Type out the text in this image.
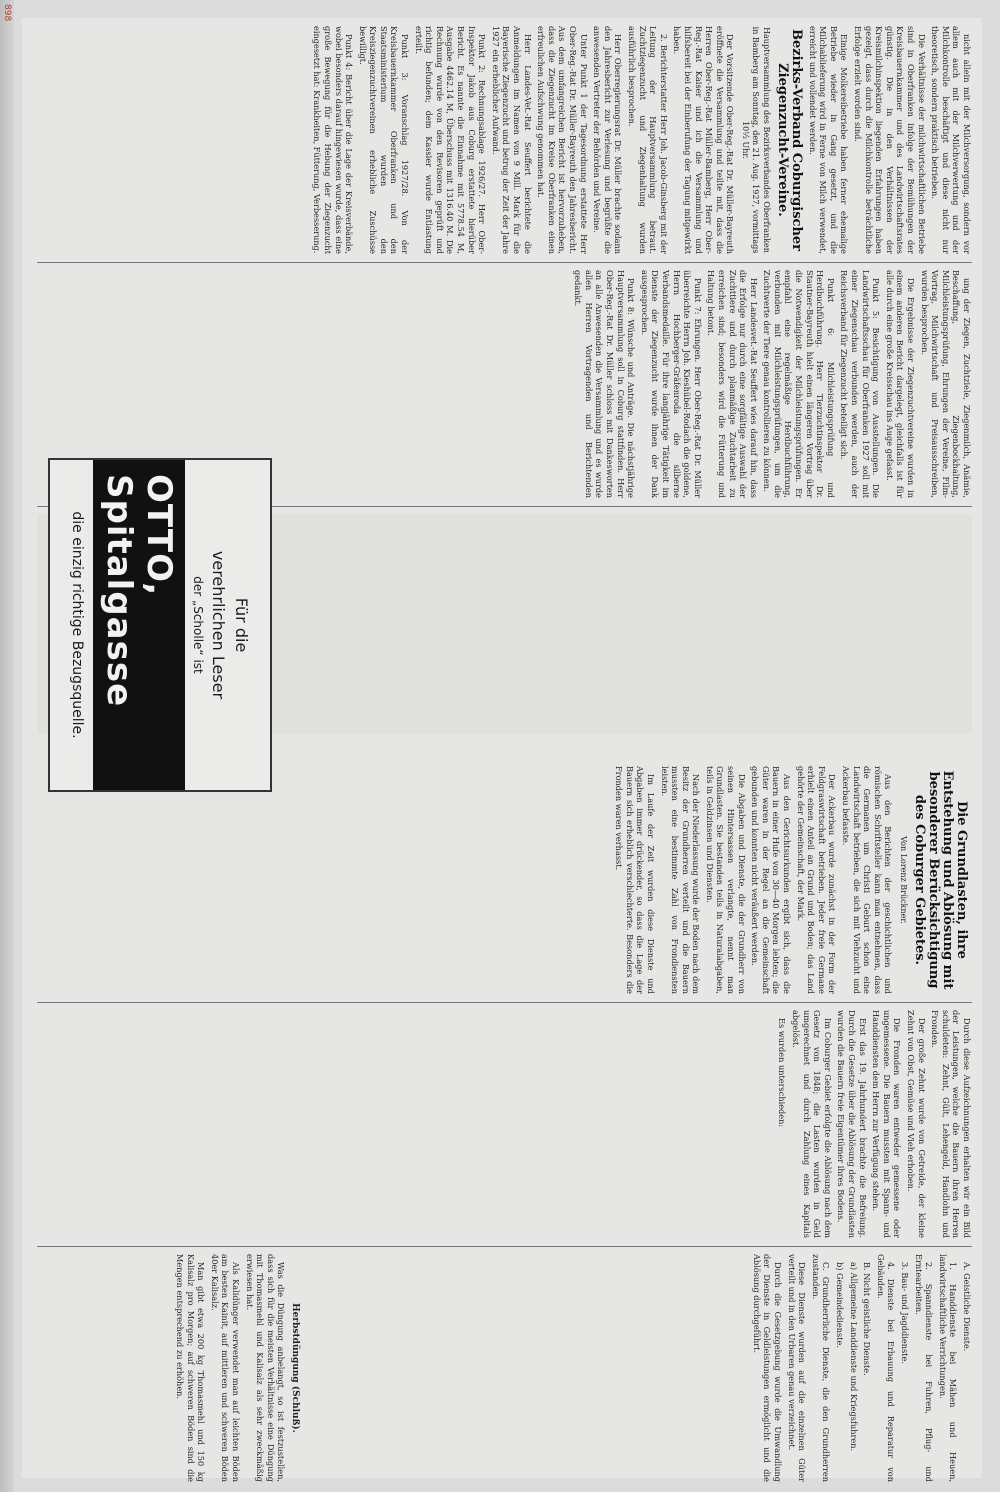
898

nicht allein mit der Milchversorgung, sondern vor allem auch mit der Milchverwertung und der Milchkontrolle beschäftigt und diese nicht nur theoretisch, sondern praktisch betrieben.

Die Verhältnisse der milchwirtschaftlichen Betriebe sind in Oberfranken infolge der Bemühungen der Kreisbauernkammer und des Landwirtschaftsrates günstig. Die in den Verhältnissen der Kreismilchinspektion liegenden Erfahrungen haben gezeigt, dass durch die Milchkontrolle beträchtliche Erfolge erzielt worden sind.

Einige Molkereibetriebe haben ferner ehemalige Betriebe wieder in Gang gesetzt, und die Milchablieferung wird in Ferne von Milch verwendet, erreicht und vollendet werden.

Bezirks-Verband Coburgischer Ziegenzucht-Vereine.
Hauptversammlung des Bezirksverbandes Oberfranken in Bamberg am Sonntag, den 21. Aug. 1927, vormittags 10½ Uhr.

Der Vorsitzende Ober-Reg.-Rat Dr. Müller-Bayreuth eröffnete die Versammlung und teilte mit, dass die Herren Ober-Reg.-Rat Müller-Bamberg, Herr Ober-Reg.-Rat Kaiser und ich die Versammlung und hilfsbereit bei der Einberufung der Tagung mitgewirkt haben.

2. Berichterstatter Herr Joh. Jacob-Ginsberg mit der Leitung der Hauptversammlung betraut. Zuchtziegenzucht und Ziegenhaltung wurden ausführlich besprochen.

Herr Oberregierungsrat Dr. Müller brachte sodann den Jahresbericht zur Verlesung und begrüßte die anwesenden Vertreter der Behörden und Vereine.

Unter Punkt 1 der Tagesordnung erstattete Herr Ober-Reg.-Rat Dr. Müller-Bayreuth den Jahresbericht. Aus dem umfangreichen Bericht ist hervorzuheben, dass die Ziegenzucht im Kreise Oberfranken einen erfreulichen Aufschwung genommen hat.

Herr Landes-Vet.-Rat Seuffert berichtete die Anmeldungen im Namen von 9 Mill. Mark für die Bayerische Ziegenzucht und betrug der Zeit der Jahre 1927 ein erheblicher Aufwand.

Punkt 2: Rechnungsablage 1926/27. Herr Ober-Inspektor Jakob aus Coburg erstattete hierüber Bericht. Es nannte die Einnahme mit 5778.54 M, Ausgabe 4462.14 M, Überschuss mit 1316.40 M. Die Rechnung wurde von den Revisoren geprüft und richtig befunden; dem Kassier wurde Entlastung erteilt.

Punkt 3: Voranschlag 1927/28. Von der Kreisbauernkammer Oberfranken und den Staatsministerium wurden den Kreisziegenzuchtvereinen erhebliche Zuschüsse bewilligt.

Punkt 4: Bericht über die Lage der Kreisverbände, wobei besonders darauf hingewiesen wurde, dass eine große Bewegung für die Hebung der Ziegenzucht eingesetzt hat: Krankheiten, Fütterung, Verbesserung.

ung der Ziegen, Zuchtziele, Ziegenmilch, Anämie, Beschaffung, Ziegenbockhaltung, Milchleistungsprüfung, Ehrungen der Vereine, Film-Vortrag, Milchwirtschaft und Preisausschreiben, wurden besprochen.

Die Ergebnisse der Ziegenzuchtvereine wurden in einem anderen Bericht dargelegt, gleichfalls ist für alle durch eine große Kreisschau ins Auge gefasst.

Punkt 5: Besichtigung von Ausstellungen. Die Landwirtschaftsschau für Oberfranken 1927 soll mit einer Ziegenschau verbunden werden, auch der Reichsverband für Ziegenzucht beteiligt sich.

Punkt 6: Milchleistungsprüfung und Herdbuchführung. Herr Tierzuchtinspektor Dr. Stautner-Bayreuth hielt einen längeren Vortrag über die Notwendigkeit der Milchleistungsprüfungen. Er empfahl eine regelmäßige Herdbuchführung, verbunden mit Milchleistungsprüfungen, um die Zuchtwerte der Tiere genau kontrollieren zu können.

Herr Landesvet.-Rat Seuffert wies darauf hin, dass die Erfolge nur durch eine sorgfältige Auswahl der Zuchttiere und durch planmäßige Zuchtarbeit zu erreichen sind; besonders wird die Fütterung und Haltung betont.

Punkt 7: Ehrungen. Herr Ober-Reg.-Rat Dr. Müller überreichte Herrn Joh. Kieshübel-Rodach die goldene, Herrn Hochberger-Gräfenroda die silberne Verbandsmedaille. Für ihre langjährige Tätigkeit im Dienste der Ziegenzucht wurde ihnen der Dank ausgesprochen.

Punkt 8: Wünsche und Anträge. Die nächstjährige Hauptversammlung soll in Coburg stattfinden. Herr Ober-Reg.-Rat Dr. Müller schloss mit Dankesworten an alle Anwesenden die Versammlung und es wurde allen Herren Vortragenden und Berichtenden gedankt.

Die Grundlasten, ihre Entstehung und Ablösung mit besonderer Berücksichtigung des Coburger Gebietes.
Von Lorenz Brückner.

Aus den Berichten der geschichtlichen und römischen Schriftsteller kann man entnehmen, dass die Germanen um Christi Geburt schon eine Landwirtschaft betrieben, die sich mit Viehzucht und Ackerbau befasste.

Der Ackerbau wurde zunächst in der Form der Feldgraswirtschaft betrieben. Jeder freie Germane erhielt einen Anteil an Grund und Boden; das Land gehörte der Gemeinschaft, der Mark.

Aus den Gerichtsurkunden ergibt sich, dass die Bauern in einer Hufe von 30—40 Morgen lebten; die Güter waren in der Regel an die Gemeinschaft gebunden und konnten nicht veräußert werden.

Die Abgaben und Dienste, die der Grundherr von seinen Hintersassen verlangte, nennt man Grundlasten. Sie bestanden teils in Naturalabgaben, teils in Geldzinsen und Diensten.

Nach der Niederlassung wurde der Boden nach dem Besitz der Grundherren verteilt und die Bauern mussten eine bestimmte Zahl von Frondiensten leisten.

Im Laufe der Zeit wurden diese Dienste und Abgaben immer drückender, so dass die Lage der Bauern sich erheblich verschlechterte. Besonders die Fronden waren verhasst.

Durch diese Aufzeichnungen erhalten wir ein Bild der Leistungen, welche die Bauern ihren Herren schuldeten: Zehnt, Gült, Lehengeld, Handlohn und Fronden.

Der große Zehnt wurde von Getreide, der kleine Zehnt von Obst, Gemüse und Vieh erhoben.

Die Fronden waren entweder gemessene oder ungemessene. Die Bauern mussten mit Spann- und Handdiensten dem Herrn zur Verfügung stehen.

Erst das 19. Jahrhundert brachte die Befreiung. Durch die Gesetze über die Ablösung der Grundlasten wurden die Bauern freie Eigentümer ihres Bodens.

Im Coburger Gebiet erfolgte die Ablösung nach dem Gesetz von 1848; die Lasten wurden in Geld umgerechnet und durch Zahlung eines Kapitals abgelöst.

Es wurden unterschieden:

A. Geistliche Dienste.

1. Handdienste bei Mähen und Heuen, landwirtschaftliche Verrichtungen.

2. Spanndienste bei Fuhren, Pflug- und Erntearbeiten.

3. Bau- und Jagddienste.

4. Dienste bei Erbauung und Reparatur von Gebäuden.

B. Nicht geistliche Dienste.

a) Allgemeine Landdienste und Kriegsfuhren.

b) Gemeindedienste.

C. Grundherrliche Dienste, die den Grundherren zustanden.

Diese Dienste wurden auf die einzelnen Güter verteilt und in den Urbaren genau verzeichnet.

Durch die Gesetzgebung wurde die Umwandlung der Dienste in Geldleistungen ermöglicht und die Ablösung durchgeführt.

Herbstdüngung (Schluß).

Was die Düngung anbelangt, so ist festzustellen, dass sich für die meisten Verhältnisse eine Düngung mit Thomasmehl und Kalisalz als sehr zweckmäßig erwiesen hat.

Als Kalidünger verwendet man auf leichten Böden am besten Kainit, auf mittleren und schweren Böden 40er Kalisalz.

Man gibt etwa 200 kg Thomasmehl und 150 kg Kalisalz pro Morgen; auf schweren Böden sind die Mengen entsprechend zu erhöhen.

Für die
verehrlichen Leser
der „Scholle“ ist
OTTO, Spitalgasse
die einzig richtige Bezugsquelle.
